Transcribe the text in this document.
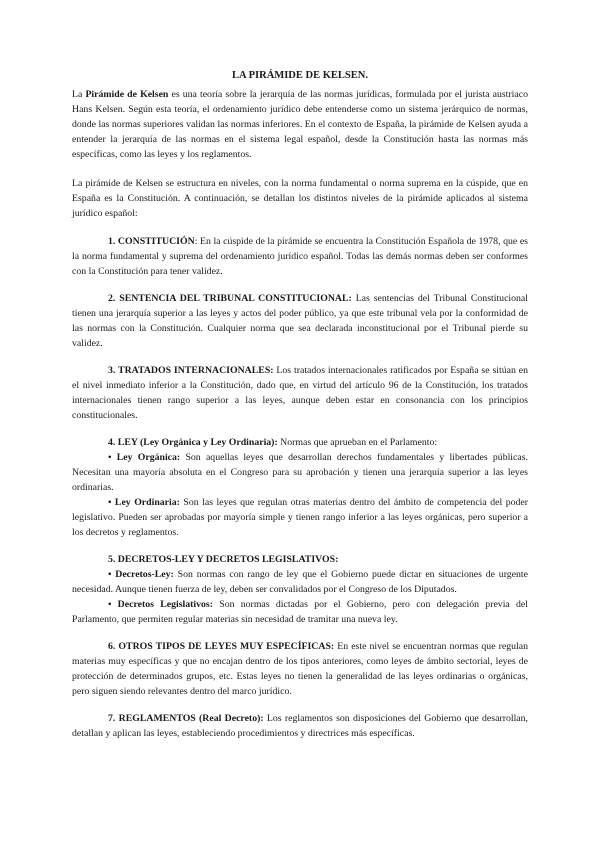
LA PIRÁMIDE DE KELSEN.

La Pirámide de Kelsen es una teoría sobre la jerarquía de las normas jurídicas, formulada por el jurista austriaco Hans Kelsen. Según esta teoría, el ordenamiento jurídico debe entenderse como un sistema jerárquico de normas, donde las normas superiores validan las normas inferiores. En el contexto de España, la pirámide de Kelsen ayuda a entender la jerarquía de las normas en el sistema legal español, desde la Constitución hasta las normas más específicas, como las leyes y los reglamentos.

La pirámide de Kelsen se estructura en niveles, con la norma fundamental o norma suprema en la cúspide, que en España es la Constitución. A continuación, se detallan los distintos niveles de la pirámide aplicados al sistema jurídico español:

1. CONSTITUCIÓN: En la cúspide de la pirámide se encuentra la Constitución Española de 1978, que es la norma fundamental y suprema del ordenamiento jurídico español. Todas las demás normas deben ser conformes con la Constitución para tener validez.

2. SENTENCIA DEL TRIBUNAL CONSTITUCIONAL: Las sentencias del Tribunal Constitucional tienen una jerarquía superior a las leyes y actos del poder público, ya que este tribunal vela por la conformidad de las normas con la Constitución. Cualquier norma que sea declarada inconstitucional por el Tribunal pierde su validez.

3. TRATADOS INTERNACIONALES: Los tratados internacionales ratificados por España se sitúan en el nivel inmediato inferior a la Constitución, dado que, en virtud del artículo 96 de la Constitución, los tratados internacionales tienen rango superior a las leyes, aunque deben estar en consonancia con los principios constitucionales.

4. LEY (Ley Orgánica y Ley Ordinaria): Normas que aprueban en el Parlamento:

• Ley Orgánica: Son aquellas leyes que desarrollan derechos fundamentales y libertades públicas. Necesitan una mayoría absoluta en el Congreso para su aprobación y tienen una jerarquía superior a las leyes ordinarias.

• Ley Ordinaria: Son las leyes que regulan otras materias dentro del ámbito de competencia del poder legislativo. Pueden ser aprobadas por mayoría simple y tienen rango inferior a las leyes orgánicas, pero superior a los decretos y reglamentos.

5. DECRETOS-LEY Y DECRETOS LEGISLATIVOS:

• Decretos-Ley: Son normas con rango de ley que el Gobierno puede dictar en situaciones de urgente necesidad. Aunque tienen fuerza de ley, deben ser convalidados por el Congreso de los Diputados.

• Decretos Legislativos: Son normas dictadas por el Gobierno, pero con delegación previa del Parlamento, que permiten regular materias sin necesidad de tramitar una nueva ley.

6. OTROS TIPOS DE LEYES MUY ESPECÍFICAS: En este nivel se encuentran normas que regulan materias muy específicas y que no encajan dentro de los tipos anteriores, como leyes de ámbito sectorial, leyes de protección de determinados grupos, etc. Estas leyes no tienen la generalidad de las leyes ordinarias o orgánicas, pero siguen siendo relevantes dentro del marco jurídico.

7. REGLAMENTOS (Real Decreto): Los reglamentos son disposiciones del Gobierno que desarrollan, detallan y aplican las leyes, estableciendo procedimientos y directrices más específicas.
